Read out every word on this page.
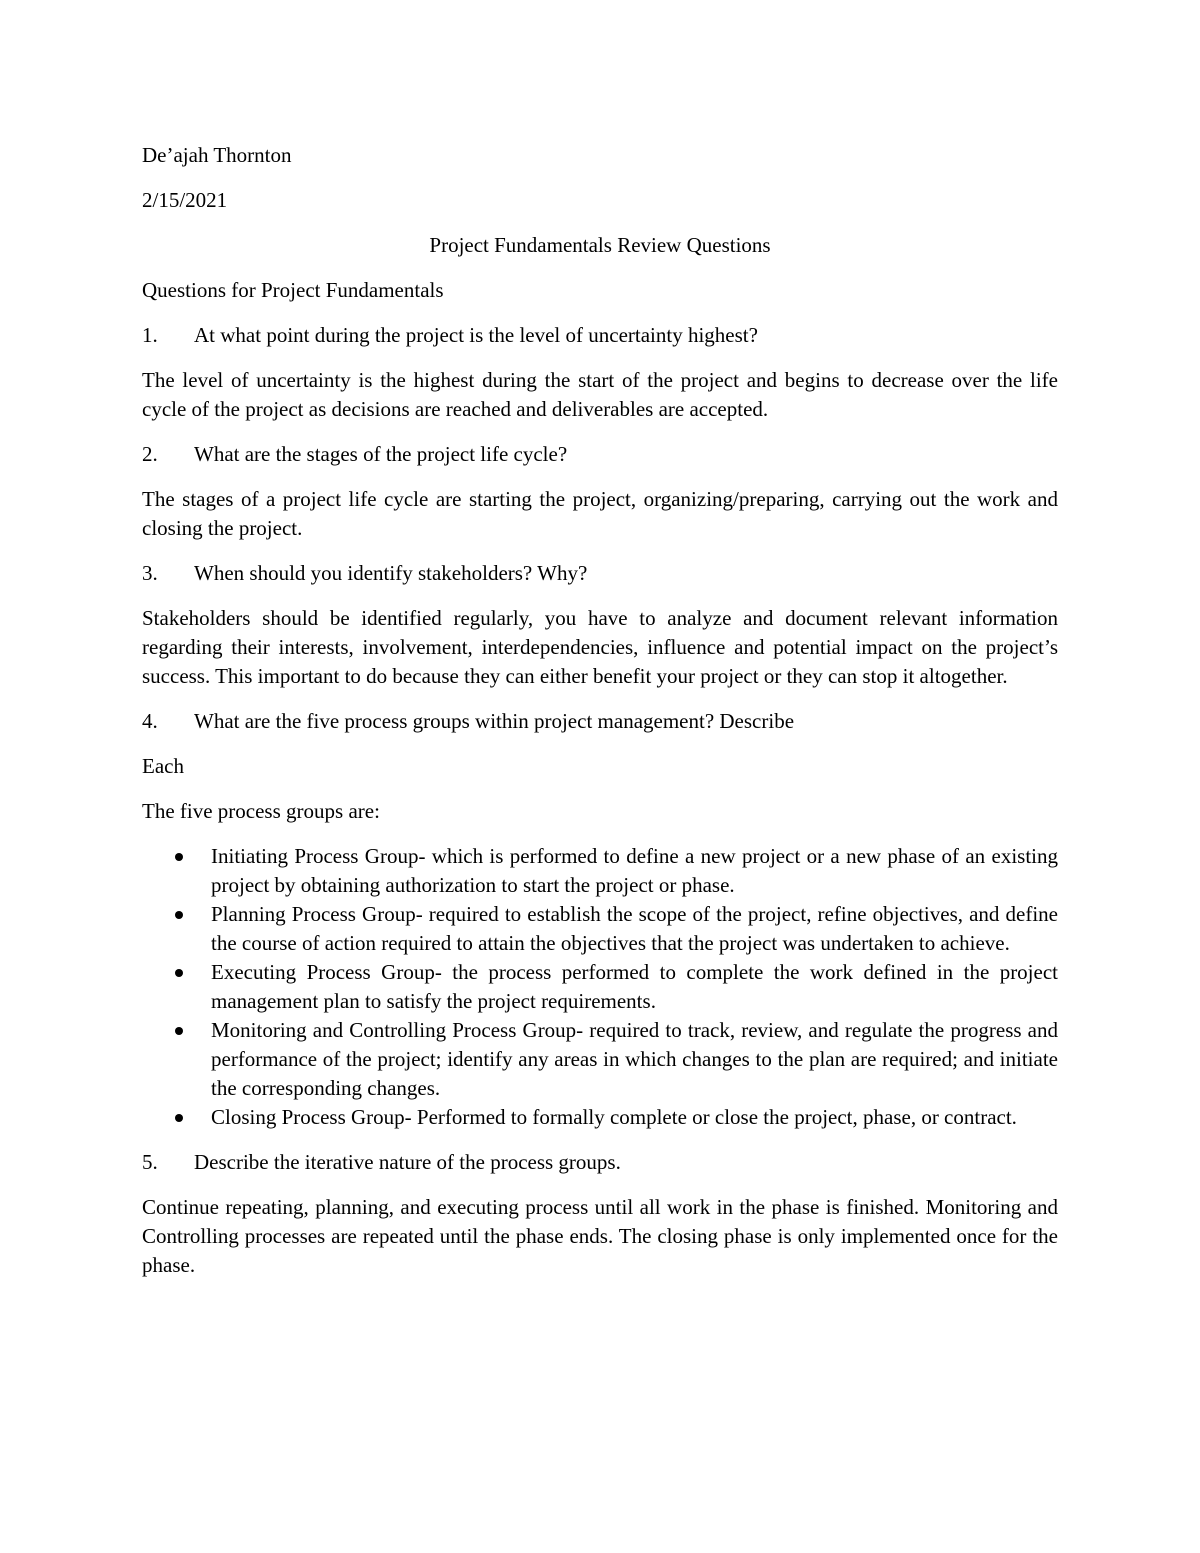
De’ajah Thornton

2/15/2021

Project Fundamentals Review Questions

Questions for Project Fundamentals

1.	At what point during the project is the level of uncertainty highest?

The level of uncertainty is the highest during the start of the project and begins to decrease over the life cycle of the project as decisions are reached and deliverables are accepted.

2.	What are the stages of the project life cycle?

The stages of a project life cycle are starting the project, organizing/preparing, carrying out the work and closing the project.

3.	When should you identify stakeholders? Why?

Stakeholders should be identified regularly, you have to analyze and document relevant information regarding their interests, involvement, interdependencies, influence and potential impact on the project’s success. This important to do because they can either benefit your project or they can stop it altogether.

4.	What are the five process groups within project management? Describe

Each

The five process groups are:

Initiating Process Group- which is performed to define a new project or a new phase of an existing project by obtaining authorization to start the project or phase.
Planning Process Group- required to establish the scope of the project, refine objectives, and define the course of action required to attain the objectives that the project was undertaken to achieve.
Executing Process Group- the process performed to complete the work defined in the project management plan to satisfy the project requirements.
Monitoring and Controlling Process Group- required to track, review, and regulate the progress and performance of the project; identify any areas in which changes to the plan are required; and initiate the corresponding changes.
Closing Process Group- Performed to formally complete or close the project, phase, or contract.
5.	Describe the iterative nature of the process groups.

Continue repeating, planning, and executing process until all work in the phase is finished. Monitoring and Controlling processes are repeated until the phase ends. The closing phase is only implemented once for the phase.
